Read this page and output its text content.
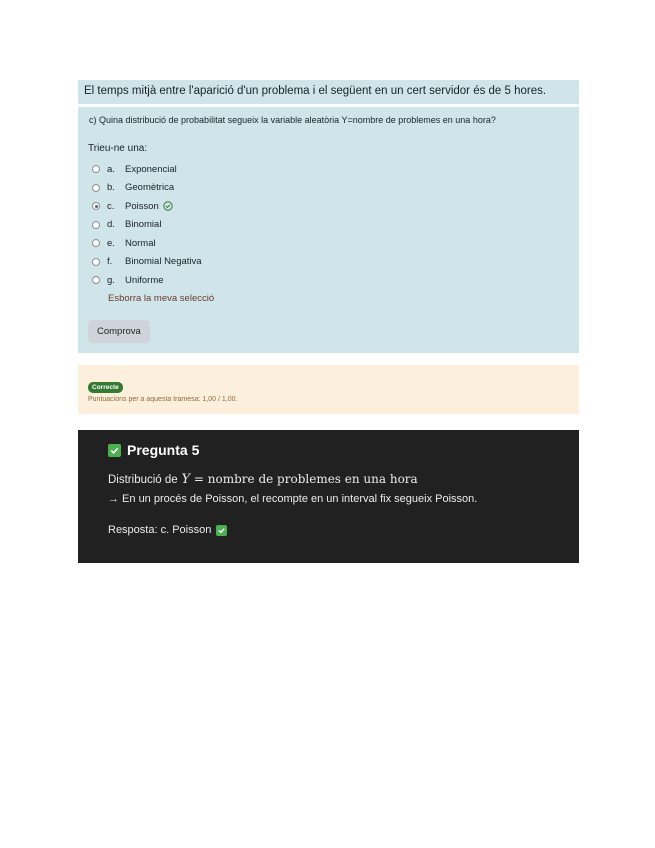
El temps mitjà entre l'aparició d'un problema i el següent en un cert servidor és de 5 hores.
c) Quina distribució de probabilitat segueix la variable aleatòria Y=nombre de problemes en una hora?
Trieu-ne una:
a.	Exponencial
b.	Geomètrica
c.	Poisson
d.	Binomial
e.	Normal
f.	Binomial Negativa
g.	Uniforme
Esborra la meva selecció
Comprova
Correcte
Puntuacions per a aquesta tramesa: 1,00 / 1,00.
Pregunta 5
Distribució de Y = nombre de problemes en una hora
→ En un procés de Poisson, el recompte en un interval fix segueix Poisson.
Resposta: c. Poisson
